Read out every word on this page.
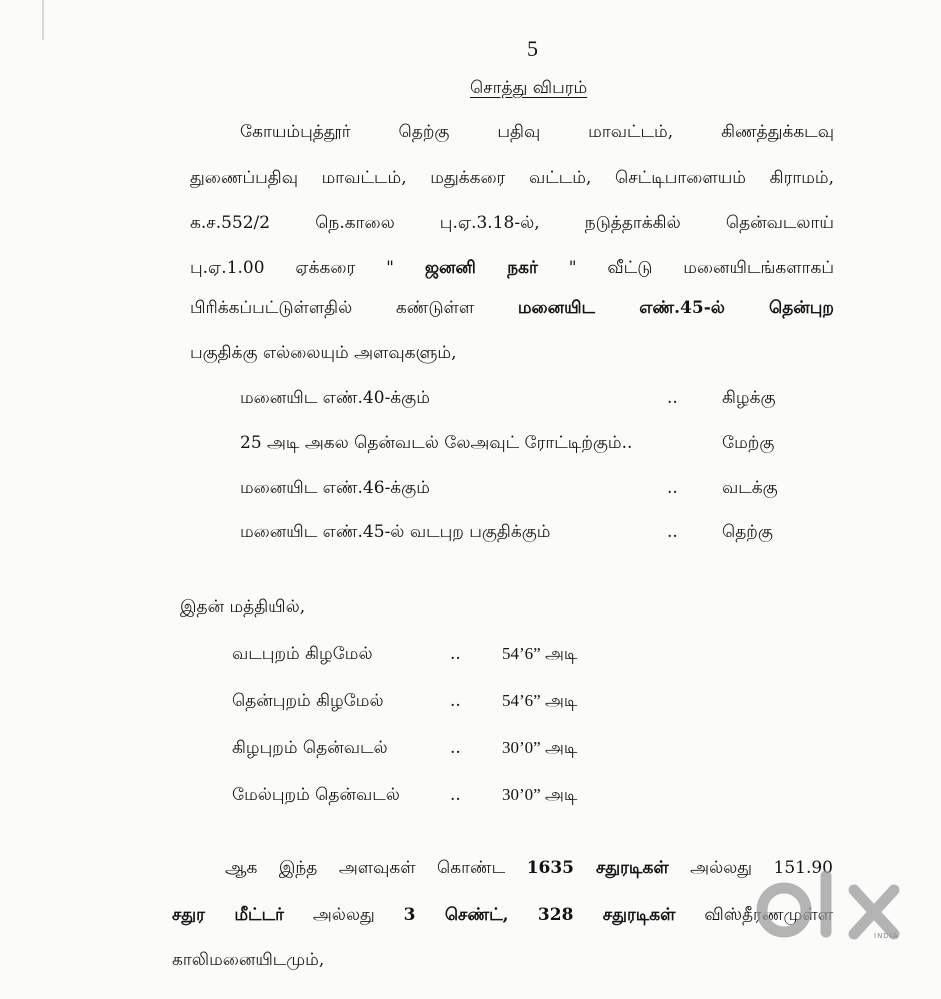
5
சொத்து விபரம்
கோயம்புத்தூர் தெற்கு பதிவு மாவட்டம், கிணத்துக்கடவு
துணைப்பதிவு மாவட்டம், மதுக்கரை வட்டம், செட்டிபாளையம் கிராமம்,
க.ச.552/2 நெ.காலை பு.ஏ.3.18-ல், நடுத்தாக்கில் தென்வடலாய்
பு.ஏ.1.00 ஏக்கரை " ஜனனி நகர் " வீட்டு மனையிடங்களாகப்
பிரிக்கப்பட்டுள்ளதில் கண்டுள்ள	மனையிட எண்.45-ல் தென்புற
பகுதிக்கு எல்லையும் அளவுகளும்,
மனையிட எண்.40-க்கும்	..	கிழக்கு
25 அடி அகல தென்வடல் லேஅவுட் ரோட்டிற்கும்..	மேற்கு
மனையிட எண்.46-க்கும்	..	வடக்கு
மனையிட எண்.45-ல் வடபுற பகுதிக்கும்	..	தெற்கு
இதன் மத்தியில்,
வடபுறம் கிழமேல்	.. 54’6” அடி
தென்புறம் கிழமேல்	.. 54’6” அடி
கிழபுறம் தென்வடல்	.. 30’0” அடி
மேல்புறம் தென்வடல்	.. 30’0” அடி
ஆக இந்த அளவுகள் கொண்ட 1635 சதுரடிகள் அல்லது 151.90
சதுர மீட்டர் அல்லது 3 செண்ட், 328 சதுரடிகள் விஸ்தீரணமுள்ள
காலிமனையிடமும்,
INDIA
